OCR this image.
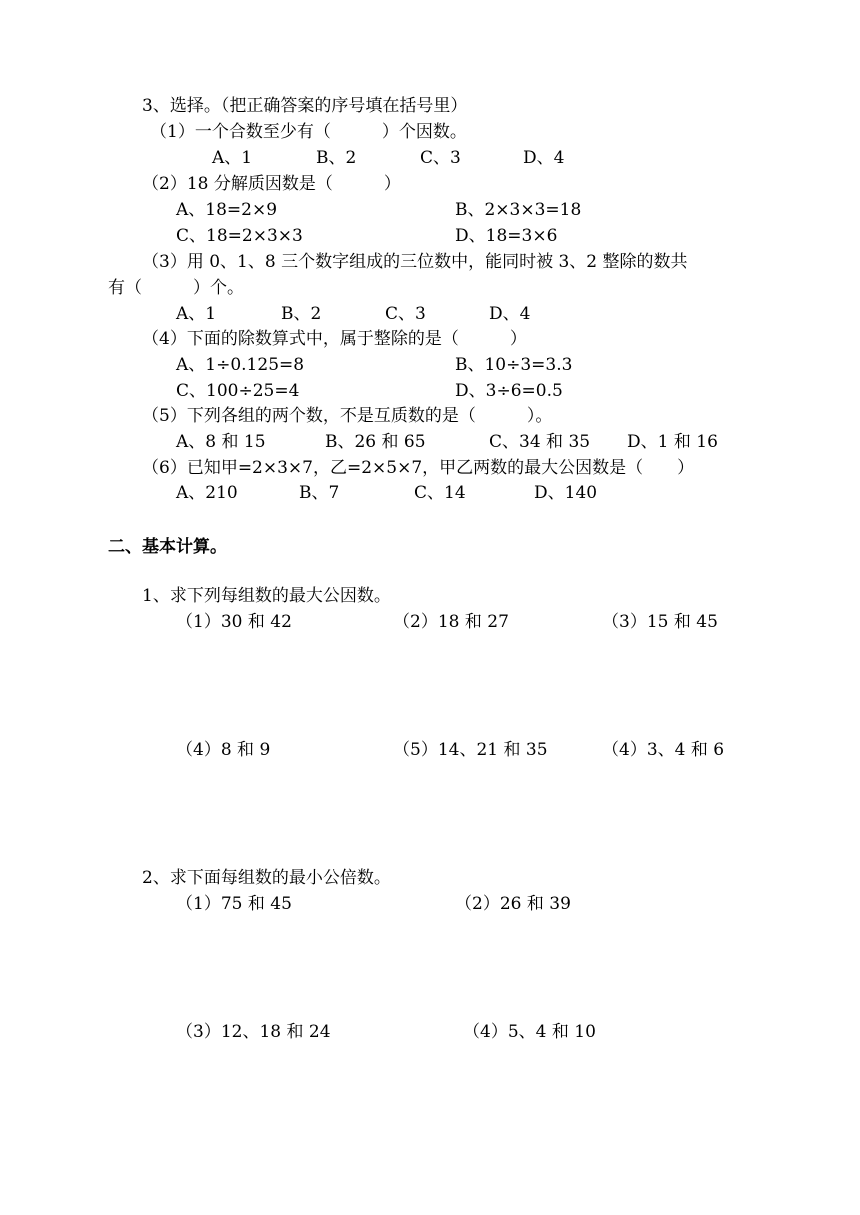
3、选择。（把正确答案的序号填在括号里）
（1）一个合数至少有（　　　）个因数。
A、1	B、2	C、3	D、4
（2）18 分解质因数是（　　　）
A、18=2×9	B、2×3×3=18
C、18=2×3×3	D、18=3×6
（3）用 0、1、8 三个数字组成的三位数中，能同时被 3、2 整除的数共
有（　　　）个。
A、1	B、2	C、3	D、4
（4）下面的除数算式中，属于整除的是（　　　）
A、1÷0.125=8	B、10÷3=3.3
C、100÷25=4	D、3÷6=0.5
（5）下列各组的两个数，不是互质数的是（　　　）。
A、8 和 15	B、26 和 65	C、34 和 35 D、1 和 16
（6）已知甲=2×3×7，乙=2×5×7，甲乙两数的最大公因数是（　　）
A、210	B、7	C、14	D、140
二、基本计算。
1、求下列每组数的最大公因数。
（1）30 和 42	（2）18 和 27	（3）15 和 45
（4）8 和 9	（5）14、21 和 35	（4）3、4 和 6
2、求下面每组数的最小公倍数。
（1）75 和 45	（2）26 和 39
（3）12、18 和 24	（4）5、4 和 10
